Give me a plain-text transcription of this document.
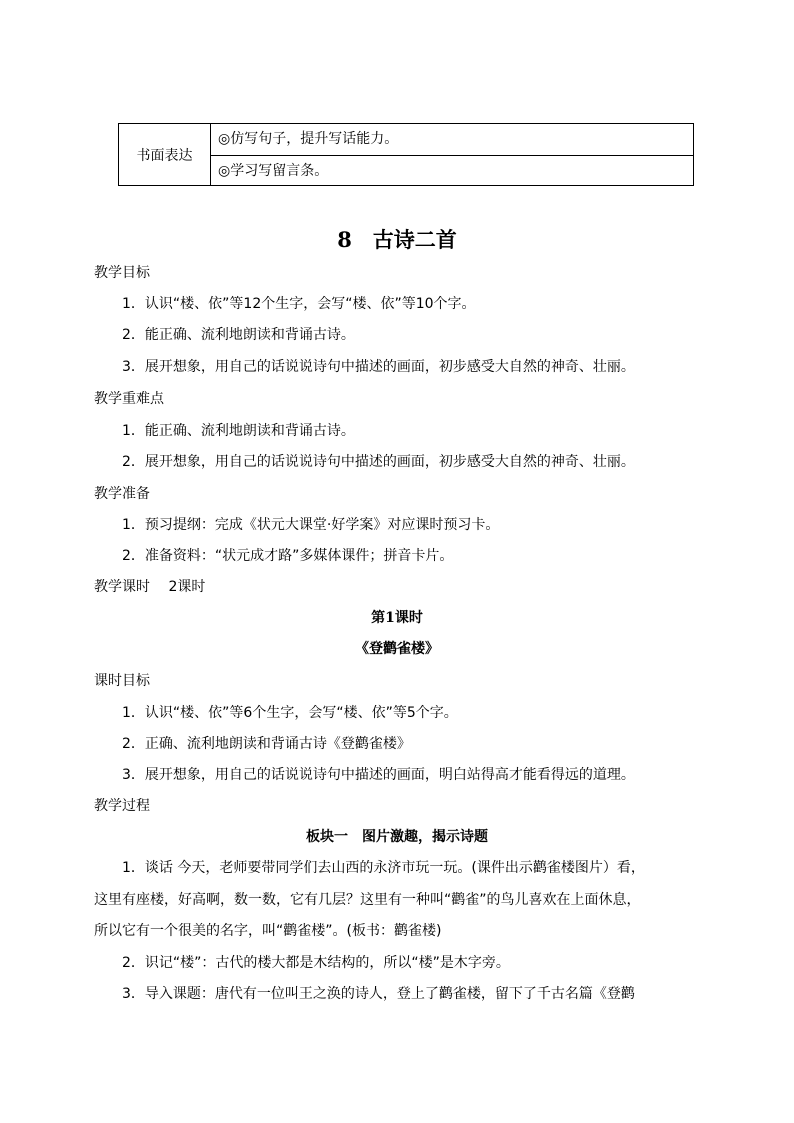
书面表达
◎仿写句子，提升写话能力。
◎学习写留言条。
8　古诗二首
教学目标
1．认识“楼、依”等12个生字，会写“楼、依”等10个字。
2．能正确、流利地朗读和背诵古诗。
3．展开想象，用自己的话说说诗句中描述的画面，初步感受大自然的神奇、壮丽。
教学重难点
1．能正确、流利地朗读和背诵古诗。
2．展开想象，用自己的话说说诗句中描述的画面，初步感受大自然的神奇、壮丽。
教学准备
1．预习提纲：完成《状元大课堂·好学案》对应课时预习卡。
2．准备资料：“状元成才路”多媒体课件；拼音卡片。
教学课时　 2课时
第1课时
《登鹳雀楼》
课时目标
1．认识“楼、依”等6个生字，会写“楼、依”等5个字。
2．正确、流利地朗读和背诵古诗《登鹳雀楼》
3．展开想象，用自己的话说说诗句中描述的画面，明白站得高才能看得远的道理。
教学过程
板块一　图片激趣，揭示诗题
1．谈话 今天，老师要带同学们去山西的永济市玩一玩。(课件出示鹳雀楼图片）看，
这里有座楼，好高啊，数一数，它有几层？这里有一种叫“鹳雀”的鸟儿喜欢在上面休息，
所以它有一个很美的名字，叫“鹳雀楼”。(板书：鹳雀楼)
2．识记“楼”：古代的楼大都是木结构的，所以“楼”是木字旁。
3．导入课题：唐代有一位叫王之涣的诗人，登上了鹳雀楼，留下了千古名篇《登鹳
